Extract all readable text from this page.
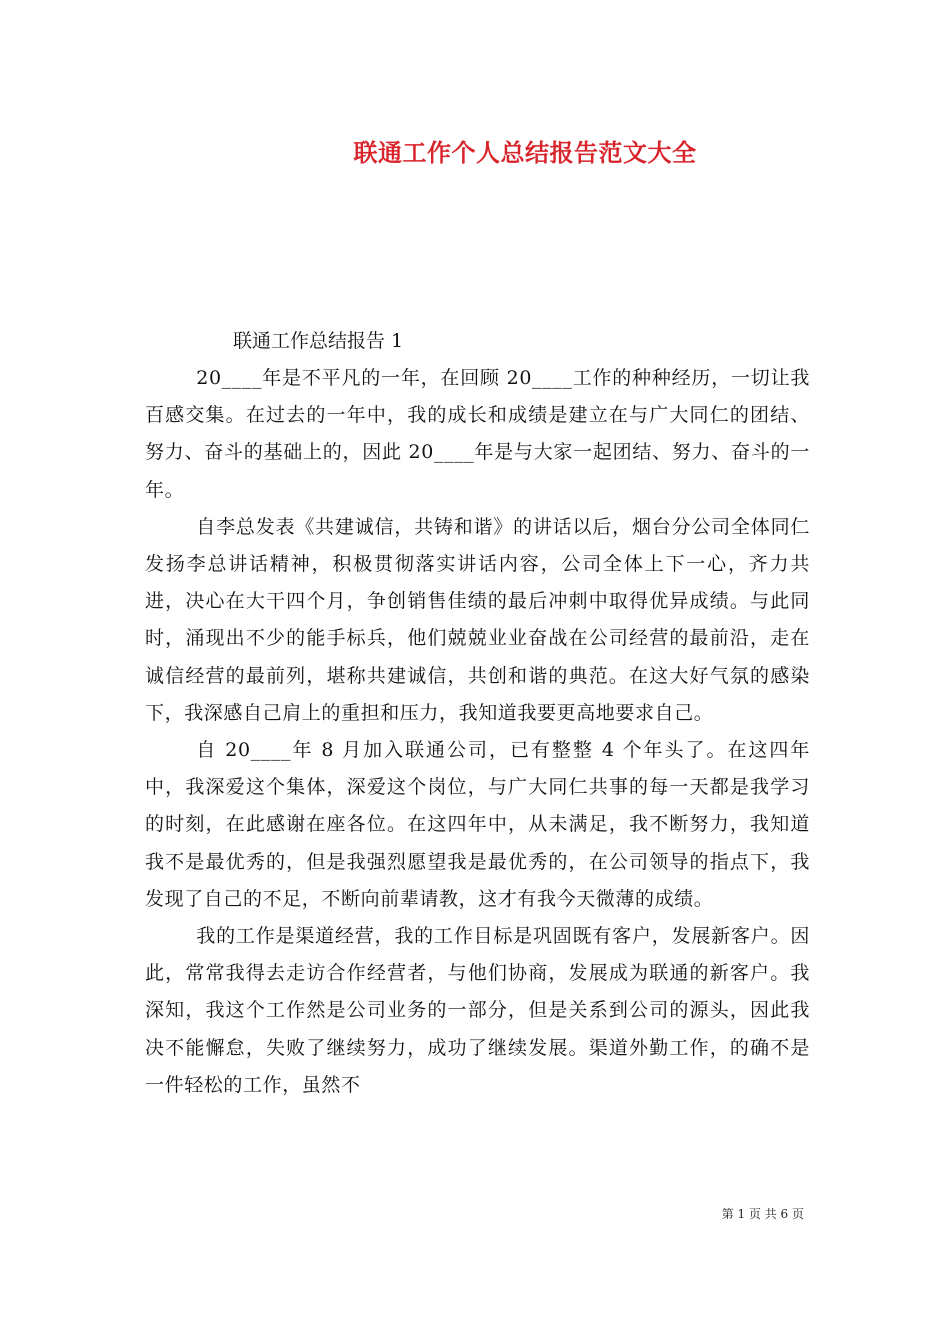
联通工作个人总结报告范文大全

联通工作总结报告 1

20____年是不平凡的一年，在回顾 20____工作的种种经历，一切让我百感交集。在过去的一年中，我的成长和成绩是建立在与广大同仁的团结、努力、奋斗的基础上的，因此 20____年是与大家一起团结、努力、奋斗的一年。

自李总发表《共建诚信，共铸和谐》的讲话以后，烟台分公司全体同仁发扬李总讲话精神，积极贯彻落实讲话内容，公司全体上下一心，齐力共进，决心在大干四个月，争创销售佳绩的最后冲刺中取得优异成绩。与此同时，涌现出不少的能手标兵，他们兢兢业业奋战在公司经营的最前沿，走在诚信经营的最前列，堪称共建诚信，共创和谐的典范。在这大好气氛的感染下，我深感自己肩上的重担和压力，我知道我要更高地要求自己。

自 20____年 8 月加入联通公司，已有整整 4 个年头了。在这四年中，我深爱这个集体，深爱这个岗位，与广大同仁共事的每一天都是我学习的时刻，在此感谢在座各位。在这四年中，从未满足，我不断努力，我知道我不是最优秀的，但是我强烈愿望我是最优秀的，在公司领导的指点下，我发现了自己的不足，不断向前辈请教，这才有我今天微薄的成绩。

我的工作是渠道经营，我的工作目标是巩固既有客户，发展新客户。因此，常常我得去走访合作经营者，与他们协商，发展成为联通的新客户。我深知，我这个工作然是公司业务的一部分，但是关系到公司的源头，因此我决不能懈怠，失败了继续努力，成功了继续发展。渠道外勤工作，的确不是一件轻松的工作，虽然不

第 1 页 共 6 页
